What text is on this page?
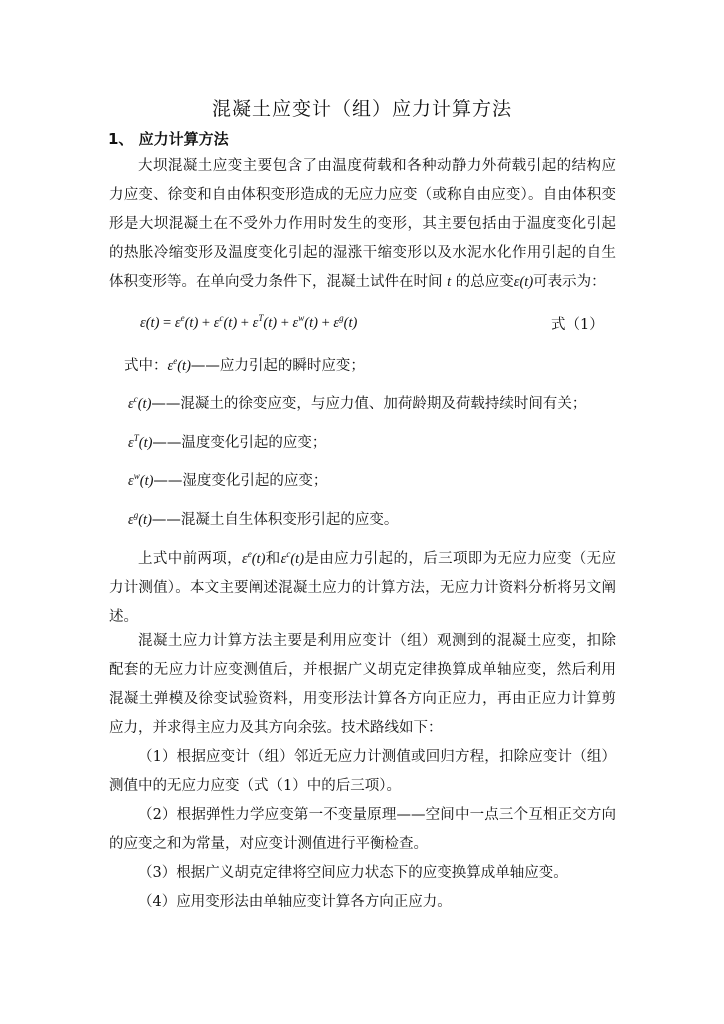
混凝土应变计（组）应力计算方法
1、 应力计算方法
大坝混凝土应变主要包含了由温度荷载和各种动静力外荷载引起的结构应力应变、徐变和自由体积变形造成的无应力应变（或称自由应变）。自由体积变形是大坝混凝土在不受外力作用时发生的变形，其主要包括由于温度变化引起的热胀冷缩变形及温度变化引起的湿涨干缩变形以及水泥水化作用引起的自生体积变形等。在单向受力条件下，混凝土试件在时间 t 的总应变ε(t)可表示为：
$\varepsilon(t) = \varepsilon^e(t) + \varepsilon^c(t) + \varepsilon^T(t) + \varepsilon^w(t) + \varepsilon^g(t)$	式（1）
式中：$\varepsilon^e(t)——$应力引起的瞬时应变；
$\varepsilon^c(t)——$混凝土的徐变应变，与应力值、加荷龄期及荷载持续时间有关；
$\varepsilon^T(t)——$温度变化引起的应变；
$\varepsilon^w(t)——$湿度变化引起的应变；
$\varepsilon^g(t)——$混凝土自生体积变形引起的应变。
上式中前两项，$\varepsilon^e(t)$和$\varepsilon^c(t)$是由应力引起的，后三项即为无应力应变（无应力计测值）。本文主要阐述混凝土应力的计算方法，无应力计资料分析将另文阐述。
混凝土应力计算方法主要是利用应变计（组）观测到的混凝土应变，扣除配套的无应力计应变测值后，并根据广义胡克定律换算成单轴应变，然后利用混凝土弹模及徐变试验资料，用变形法计算各方向正应力，再由正应力计算剪应力，并求得主应力及其方向余弦。技术路线如下：
（1）根据应变计（组）邻近无应力计测值或回归方程，扣除应变计（组）测值中的无应力应变（式（1）中的后三项）。
（2）根据弹性力学应变第一不变量原理——空间中一点三个互相正交方向的应变之和为常量，对应变计测值进行平衡检查。
（3）根据广义胡克定律将空间应力状态下的应变换算成单轴应变。
（4）应用变形法由单轴应变计算各方向正应力。
